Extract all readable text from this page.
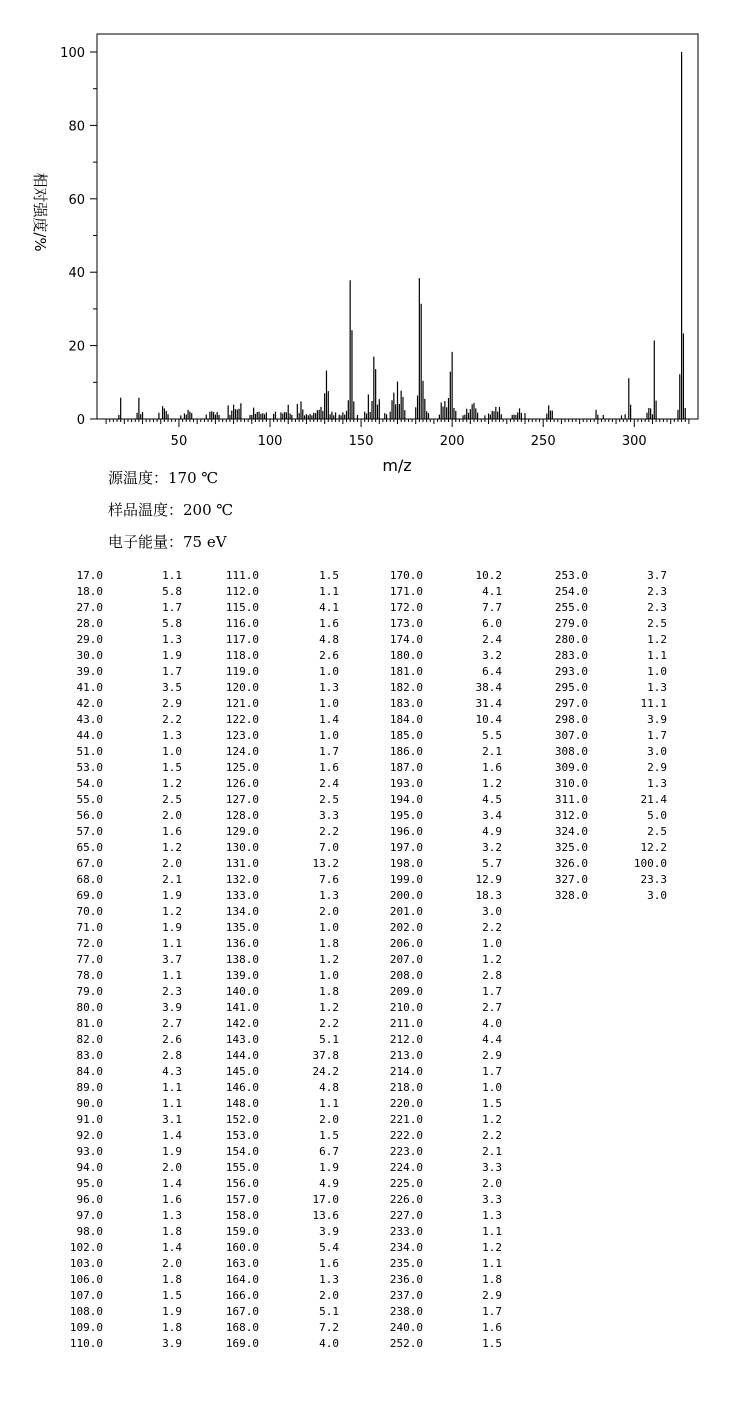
0
20
40
60
80
100
50	100	150	200	250	300
m/z
相对强度/%
源温度：170 ℃
样品温度：200 ℃
电子能量：75 eV
17.0	1.1
18.0	5.8
27.0	1.7
28.0	5.8
29.0	1.3
30.0	1.9
39.0	1.7
41.0	3.5
42.0	2.9
43.0	2.2
44.0	1.3
51.0	1.0
53.0	1.5
54.0	1.2
55.0	2.5
56.0	2.0
57.0	1.6
65.0	1.2
67.0	2.0
68.0	2.1
69.0	1.9
70.0	1.2
71.0	1.9
72.0	1.1
77.0	3.7
78.0	1.1
79.0	2.3
80.0	3.9
81.0	2.7
82.0	2.6
83.0	2.8
84.0	4.3
89.0	1.1
90.0	1.1
91.0	3.1
92.0	1.4
93.0	1.9
94.0	2.0
95.0	1.4
96.0	1.6
97.0	1.3
98.0	1.8
102.0	1.4
103.0	2.0
106.0	1.8
107.0	1.5
108.0	1.9
109.0	1.8
110.0	3.9
111.0	1.5
112.0	1.1
115.0	4.1
116.0	1.6
117.0	4.8
118.0	2.6
119.0	1.0
120.0	1.3
121.0	1.0
122.0	1.4
123.0	1.0
124.0	1.7
125.0	1.6
126.0	2.4
127.0	2.5
128.0	3.3
129.0	2.2
130.0	7.0
131.0	13.2
132.0	7.6
133.0	1.3
134.0	2.0
135.0	1.0
136.0	1.8
138.0	1.2
139.0	1.0
140.0	1.8
141.0	1.2
142.0	2.2
143.0	5.1
144.0	37.8
145.0	24.2
146.0	4.8
148.0	1.1
152.0	2.0
153.0	1.5
154.0	6.7
155.0	1.9
156.0	4.9
157.0	17.0
158.0	13.6
159.0	3.9
160.0	5.4
163.0	1.6
164.0	1.3
166.0	2.0
167.0	5.1
168.0	7.2
169.0	4.0
170.0	10.2
171.0	4.1
172.0	7.7
173.0	6.0
174.0	2.4
180.0	3.2
181.0	6.4
182.0	38.4
183.0	31.4
184.0	10.4
185.0	5.5
186.0	2.1
187.0	1.6
193.0	1.2
194.0	4.5
195.0	3.4
196.0	4.9
197.0	3.2
198.0	5.7
199.0	12.9
200.0	18.3
201.0	3.0
202.0	2.2
206.0	1.0
207.0	1.2
208.0	2.8
209.0	1.7
210.0	2.7
211.0	4.0
212.0	4.4
213.0	2.9
214.0	1.7
218.0	1.0
220.0	1.5
221.0	1.2
222.0	2.2
223.0	2.1
224.0	3.3
225.0	2.0
226.0	3.3
227.0	1.3
233.0	1.1
234.0	1.2
235.0	1.1
236.0	1.8
237.0	2.9
238.0	1.7
240.0	1.6
252.0	1.5
253.0	3.7
254.0	2.3
255.0	2.3
279.0	2.5
280.0	1.2
283.0	1.1
293.0	1.0
295.0	1.3
297.0	11.1
298.0	3.9
307.0	1.7
308.0	3.0
309.0	2.9
310.0	1.3
311.0	21.4
312.0	5.0
324.0	2.5
325.0	12.2
326.0	100.0
327.0	23.3
328.0	3.0
